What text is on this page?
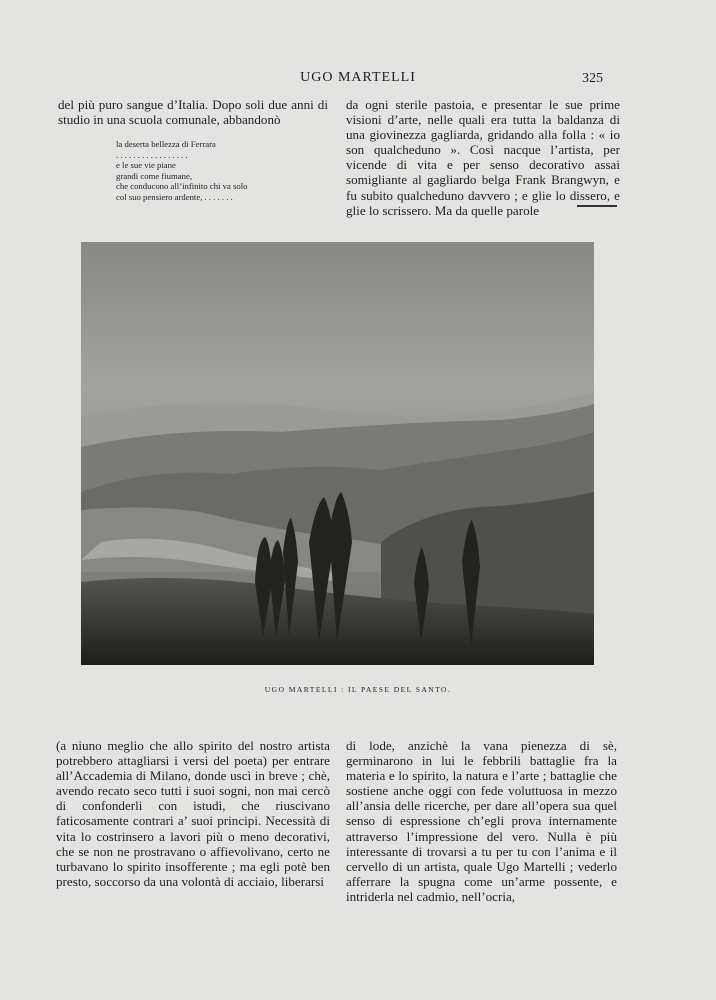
UGO MARTELLI	325

del più puro sangue d’Italia. Dopo soli due anni di studio in una scuola comunale, abbandonò

la deserta bellezza di Ferrara
. . . . . . . . . . . . . . . . .
e le sue vie piane
grandi come fiumane,
che conducono all’infinito chi va solo
col suo pensiero ardente, . . . . . . .

da ogni sterile pastoia, e presentar le sue prime visioni d’arte, nelle quali era tutta la baldanza di una giovinezza gagliarda, gridando alla folla : « io son qualcheduno ». Così nacque l’artista, per vicende di vita e per senso decorativo assai somigliante al gagliardo belga Frank Brangwyn, e fu subito qualcheduno davvero ; e glie lo dissero, e glie lo scrissero. Ma da quelle parole

UGO MARTELLI : IL PAESE DEL SANTO.

(a niuno meglio che allo spirito del nostro artista potrebbero attagliarsi i versi del poeta) per entrare all’Accademia di Milano, donde uscì in breve ; chè, avendo recato seco tutti i suoi sogni, non mai cercò di confonderli con istudi, che riuscivano faticosamente contrari a’ suoi principi. Necessità di vita lo costrinsero a lavori più o meno decorativi, che se non ne prostravano o affievolivano, certo ne turbavano lo spirito insofferente ; ma egli potè ben presto, soccorso da una volontà di acciaio, liberarsi

di lode, anzichè la vana pienezza di sè, germinarono in lui le febbrili battaglie fra la materia e lo spirito, la natura e l’arte ; battaglie che sostiene anche oggi con fede voluttuosa in mezzo all’ansia delle ricerche, per dare all’opera sua quel senso di espressione ch’egli prova internamente attraverso l’impressione del vero. Nulla è più interessante di trovarsi a tu per tu con l’anima e il cervello di un artista, quale Ugo Martelli ; vederlo afferrare la spugna come un’arme possente, e intriderla nel cadmio, nell’ocria,
